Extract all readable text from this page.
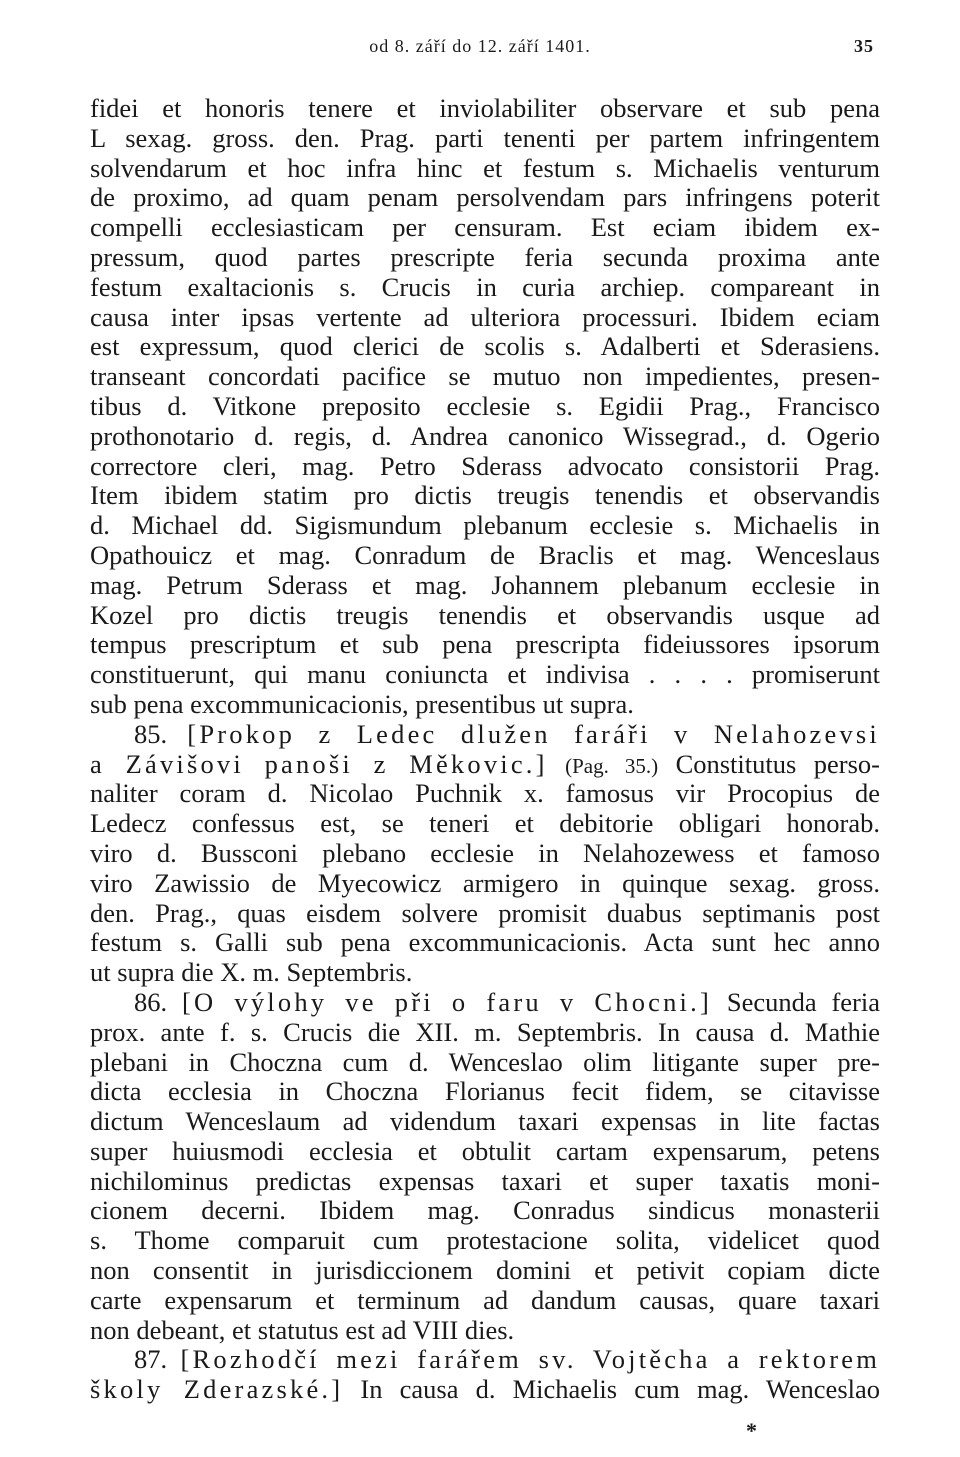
od 8. září do 12. září 1401.	35
fidei et honoris tenere et inviolabiliter observare et sub pena
L sexag. gross. den. Prag. parti tenenti per partem infringentem
solvendarum et hoc infra hinc et festum s. Michaelis venturum
de proximo, ad quam penam persolvendam pars infringens poterit
compelli ecclesiasticam per censuram. Est eciam ibidem ex-
pressum, quod partes prescripte feria secunda proxima ante
festum exaltacionis s. Crucis in curia archiep. compareant in
causa inter ipsas vertente ad ulteriora processuri. Ibidem eciam
est expressum, quod clerici de scolis s. Adalberti et Sderasiens.
transeant concordati pacifice se mutuo non impedientes, presen-
tibus d. Vitkone preposito ecclesie s. Egidii Prag., Francisco
prothonotario d. regis, d. Andrea canonico Wissegrad., d. Ogerio
correctore cleri, mag. Petro Sderass advocato consistorii Prag.
Item ibidem statim pro dictis treugis tenendis et observandis
d. Michael dd. Sigismundum plebanum ecclesie s. Michaelis in
Opathouicz et mag. Conradum de Braclis et mag. Wenceslaus
mag. Petrum Sderass et mag. Johannem plebanum ecclesie in
Kozel pro dictis treugis tenendis et observandis usque ad
tempus prescriptum et sub pena prescripta fideiussores ipsorum
constituerunt, qui manu coniuncta et indivisa . . . . promiserunt
sub pena excommunicacionis, presentibus ut supra.
85. [Prokop z Ledec dlužen faráři v Nelahozevsi
a Závišovi panoši z Měkovic.] (Pag. 35.) Constitutus perso-
naliter coram d. Nicolao Puchnik x. famosus vir Procopius de
Ledecz confessus est, se teneri et debitorie obligari honorab.
viro d. Bussconi plebano ecclesie in Nelahozewess et famoso
viro Zawissio de Myecowicz armigero in quinque sexag. gross.
den. Prag., quas eisdem solvere promisit duabus septimanis post
festum s. Galli sub pena excommunicacionis. Acta sunt hec anno
ut supra die X. m. Septembris.
86. [O výlohy ve při o faru v Chocni.] Secunda feria
prox. ante f. s. Crucis die XII. m. Septembris. In causa d. Mathie
plebani in Choczna cum d. Wenceslao olim litigante super pre-
dicta ecclesia in Choczna Florianus fecit fidem, se citavisse
dictum Wenceslaum ad videndum taxari expensas in lite factas
super huiusmodi ecclesia et obtulit cartam expensarum, petens
nichilominus predictas expensas taxari et super taxatis moni-
cionem decerni. Ibidem mag. Conradus sindicus monasterii
s. Thome comparuit cum protestacione solita, videlicet quod
non consentit in jurisdiccionem domini et petivit copiam dicte
carte expensarum et terminum ad dandum causas, quare taxari
non debeant, et statutus est ad VIII dies.
87. [Rozhodčí mezi farářem sv. Vojtěcha a rektorem
školy Zderazské.] In causa d. Michaelis cum mag. Wenceslao
*
